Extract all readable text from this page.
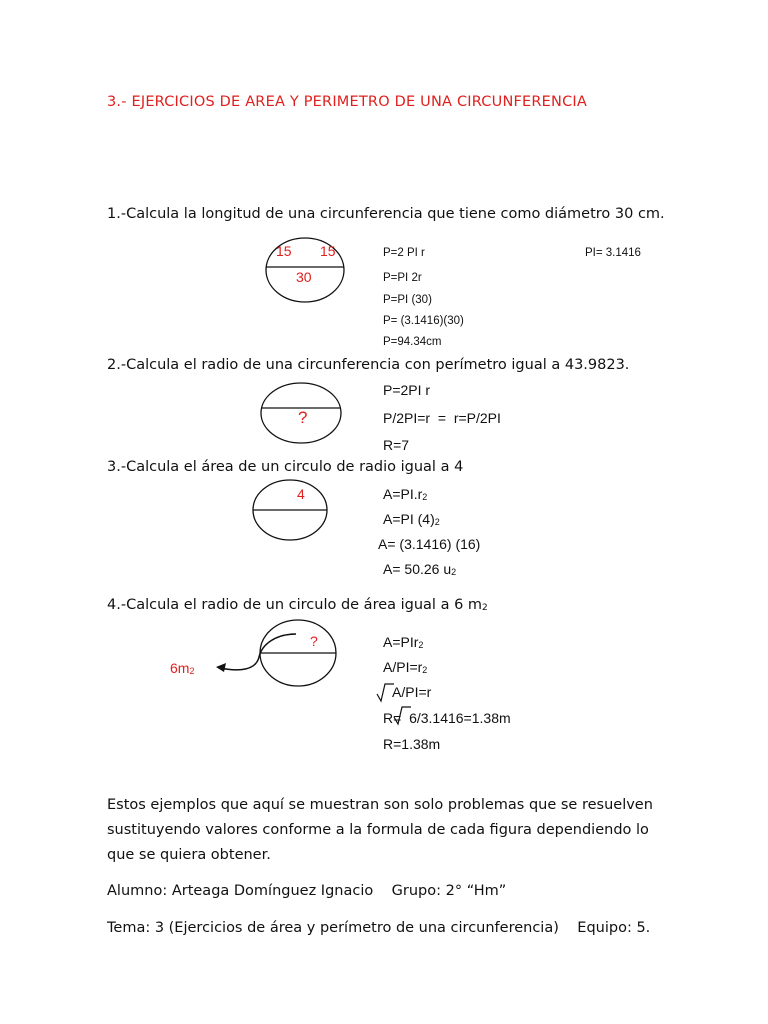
3.- EJERCICIOS DE AREA Y PERIMETRO DE UNA CIRCUNFERENCIA
1.-Calcula la longitud de una circunferencia que tiene como diámetro 30 cm.
15 15
30
P=2 PI r
P=PI 2r
P=PI (30)
P= (3.1416)(30)
P=94.34cm
PI= 3.1416
2.-Calcula el radio de una circunferencia con perímetro igual a 43.9823.
?
P=2PI r
P/2PI=r  =  r=P/2PI
R=7
3.-Calcula el área de un circulo de radio igual a 4
4	A=PI.r2
A=PI (4)2
A= (3.1416) (16)
A= 50.26 u2
4.-Calcula el radio de un circulo de área igual a 6 m2
?
6m2
A=PIr2
A/PI=r2
A/PI=r
R=  6/3.1416=1.38m
R=1.38m
Estos ejemplos que aquí se muestran son solo problemas que se resuelven sustituyendo valores conforme a la formula de cada figura dependiendo lo que se quiera obtener.
Alumno: Arteaga Domínguez Ignacio    Grupo: 2° “Hm”
Tema: 3 (Ejercicios de área y perímetro de una circunferencia)    Equipo: 5.
